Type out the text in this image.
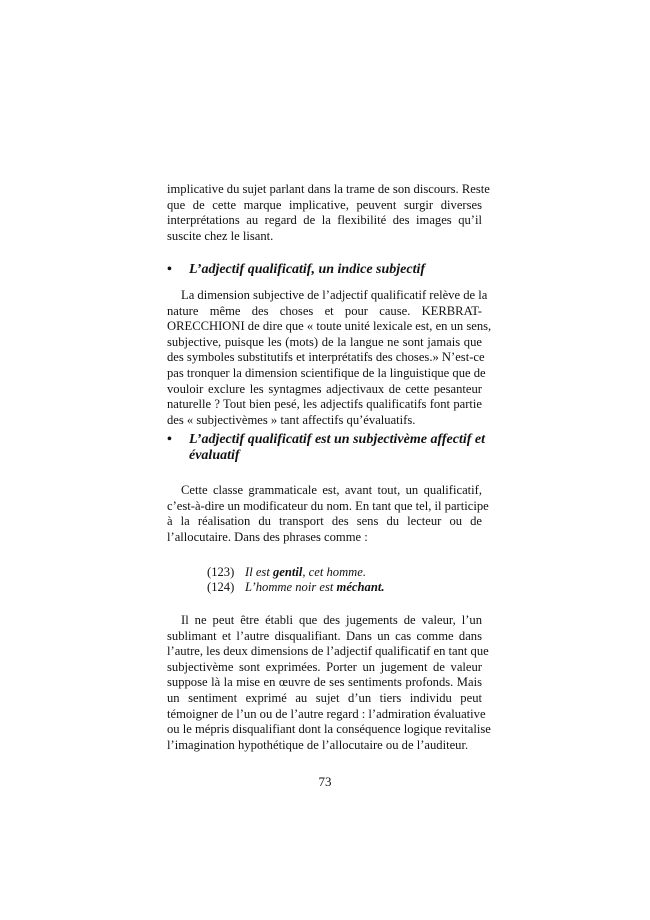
implicative du sujet parlant dans la trame de son discours. Reste
que de cette marque implicative, peuvent surgir diverses
interprétations au regard de la flexibilité des images qu’il
suscite chez le lisant.
• L’adjectif qualificatif, un indice subjectif
La dimension subjective de l’adjectif qualificatif relève de la
nature même des choses et pour cause. KERBRAT-
ORECCHIONI de dire que « toute unité lexicale est, en un sens,
subjective, puisque les (mots) de la langue ne sont jamais que
des symboles substitutifs et interprétatifs des choses.» N’est-ce
pas tronquer la dimension scientifique de la linguistique que de
vouloir exclure les syntagmes adjectivaux de cette pesanteur
naturelle ? Tout bien pesé, les adjectifs qualificatifs font partie
des « subjectivèmes » tant affectifs qu’évaluatifs.
• L’adjectif qualificatif est un subjectivème affectif et
évaluatif
Cette classe grammaticale est, avant tout, un qualificatif,
c’est-à-dire un modificateur du nom. En tant que tel, il participe
à la réalisation du transport des sens du lecteur ou de
l’allocutaire. Dans des phrases comme :
(123) Il est gentil, cet homme.
(124) L’homme noir est méchant.
Il ne peut être établi que des jugements de valeur, l’un
sublimant et l’autre disqualifiant. Dans un cas comme dans
l’autre, les deux dimensions de l’adjectif qualificatif en tant que
subjectivème sont exprimées. Porter un jugement de valeur
suppose là la mise en œuvre de ses sentiments profonds. Mais
un sentiment exprimé au sujet d’un tiers individu peut
témoigner de l’un ou de l’autre regard : l’admiration évaluative
ou le mépris disqualifiant dont la conséquence logique revitalise
l’imagination hypothétique de l’allocutaire ou de l’auditeur.
73
